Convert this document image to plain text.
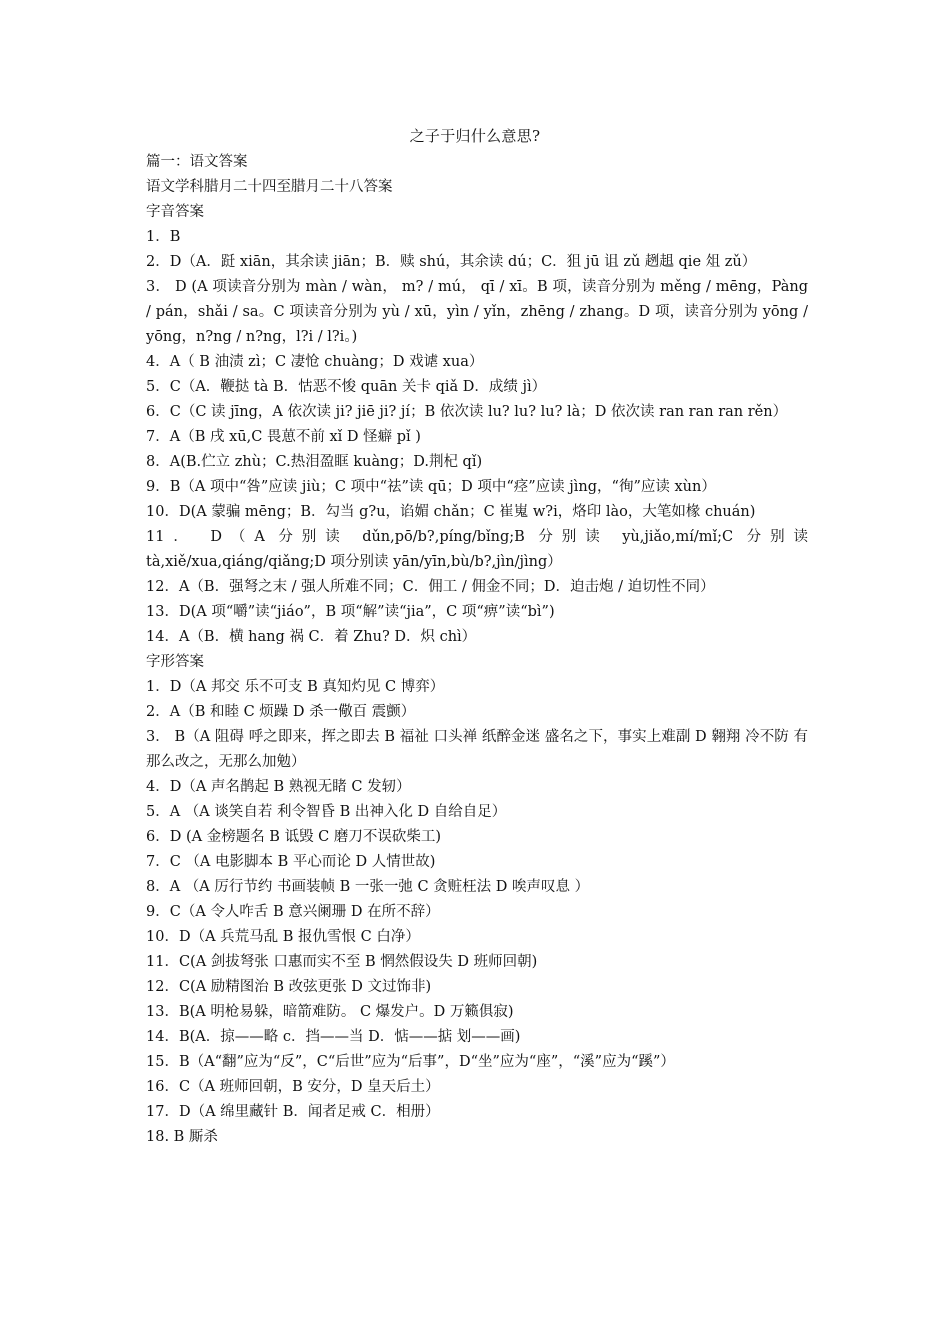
之子于归什么意思?

篇一：语文答案

语文学科腊月二十四至腊月二十八答案

字音答案

1．B

2．D（A．跹 xiān，其余读 jiān；B．赎 shú，其余读 dú；C．狙 jū 诅 zǔ 趔趄 qie 俎 zǔ）

3． D (A 项读音分别为 màn / wàn， m? / mú， qī / xī。B 项，读音分别为 měng / mēng，Pàng / pán，shǎi / sa。C 项读音分别为 yù / xū，yìn / yǐn，zhēng / zhang。D 项，读音分别为 yōng / yōng，n?ng / n?ng，l?i / l?i。)

4．A（ B 油渍 zì；C 凄怆 chuàng；D 戏谑 xua）

5．C（A．鞭挞 tà B．怙恶不悛 quān 关卡 qiǎ D．成绩 jì）

6．C（C 读 jīng，A 依次读 ji? jiē ji? jí；B 依次读 lu? lu? lu? là；D 依次读 ran ran ran rěn）

7．A（B 戌 xū,C 畏葸不前 xǐ D 怪癖 pǐ )

8．A(B.伫立 zhù；C.热泪盈眶 kuàng；D.荆杞 qǐ)

9．B（A 项中“咎”应读 jiù；C 项中“祛”读 qū；D 项中“痉”应读 jìng，“徇”应读 xùn）

10．D(A 蒙骗 mēng；B．勾当 g?u，谄媚 chǎn；C 崔嵬 w?i，烙印 lào，大笔如椽 chuán)

11． D（A 分别读 dǔn,pō/b?,píng/bǐng;B 分别读 yù,jiǎo,mí/mǐ;C 分别读 tà,xiě/xua,qiáng/qiǎng;D 项分别读 yān/yīn,bù/b?,jìn/jìng）

12．A（B．强弩之末 / 强人所难不同；C．佣工 / 佣金不同；D．迫击炮 / 迫切性不同）

13．D(A 项“嚼”读“jiáo”，B 项“解”读“jia”，C 项“痹”读“bì”)

14．A（B．横 hang 祸 C．着 Zhu? D．炽 chì）

字形答案

1．D（A 邦交 乐不可支 B 真知灼见 C 博弈）

2．A（B 和睦 C 烦躁 D 杀一儆百 震颤）

3． B（A 阻碍 呼之即来，挥之即去 B 福祉 口头禅 纸醉金迷 盛名之下，事实上难副 D 翱翔 冷不防 有那么改之，无那么加勉）

4．D（A 声名鹊起 B 熟视无睹 C 发轫）

5．A （A 谈笑自若 利令智昏 B 出神入化 D 自给自足）

6．D (A 金榜题名 B 诋毁 C 磨刀不误砍柴工)

7．C （A 电影脚本 B 平心而论 D 人情世故)

8．A （A 厉行节约 书画装帧 B 一张一弛 C 贪赃枉法 D 唉声叹息 ）

9．C（A 令人咋舌 B 意兴阑珊 D 在所不辞）

10．D（A 兵荒马乱 B 报仇雪恨 C 白净）

11．C(A 剑拔弩张 口惠而实不至 B 惘然假设失 D 班师回朝)

12．C(A 励精图治 B 改弦更张 D 文过饰非)

13．B(A 明枪易躲，暗箭难防。 C 爆发户。D 万籁俱寂)

14．B(A．掠——略 c．挡——当 D．惦——掂 划——画)

15．B（A“翻”应为“反”，C“后世”应为“后事”，D“坐”应为“座”，“溪”应为“蹊”）

16．C（A 班师回朝，B 安分，D 皇天后土）

17．D（A 绵里藏针 B．闻者足戒 C．相册）

18. B 厮杀
